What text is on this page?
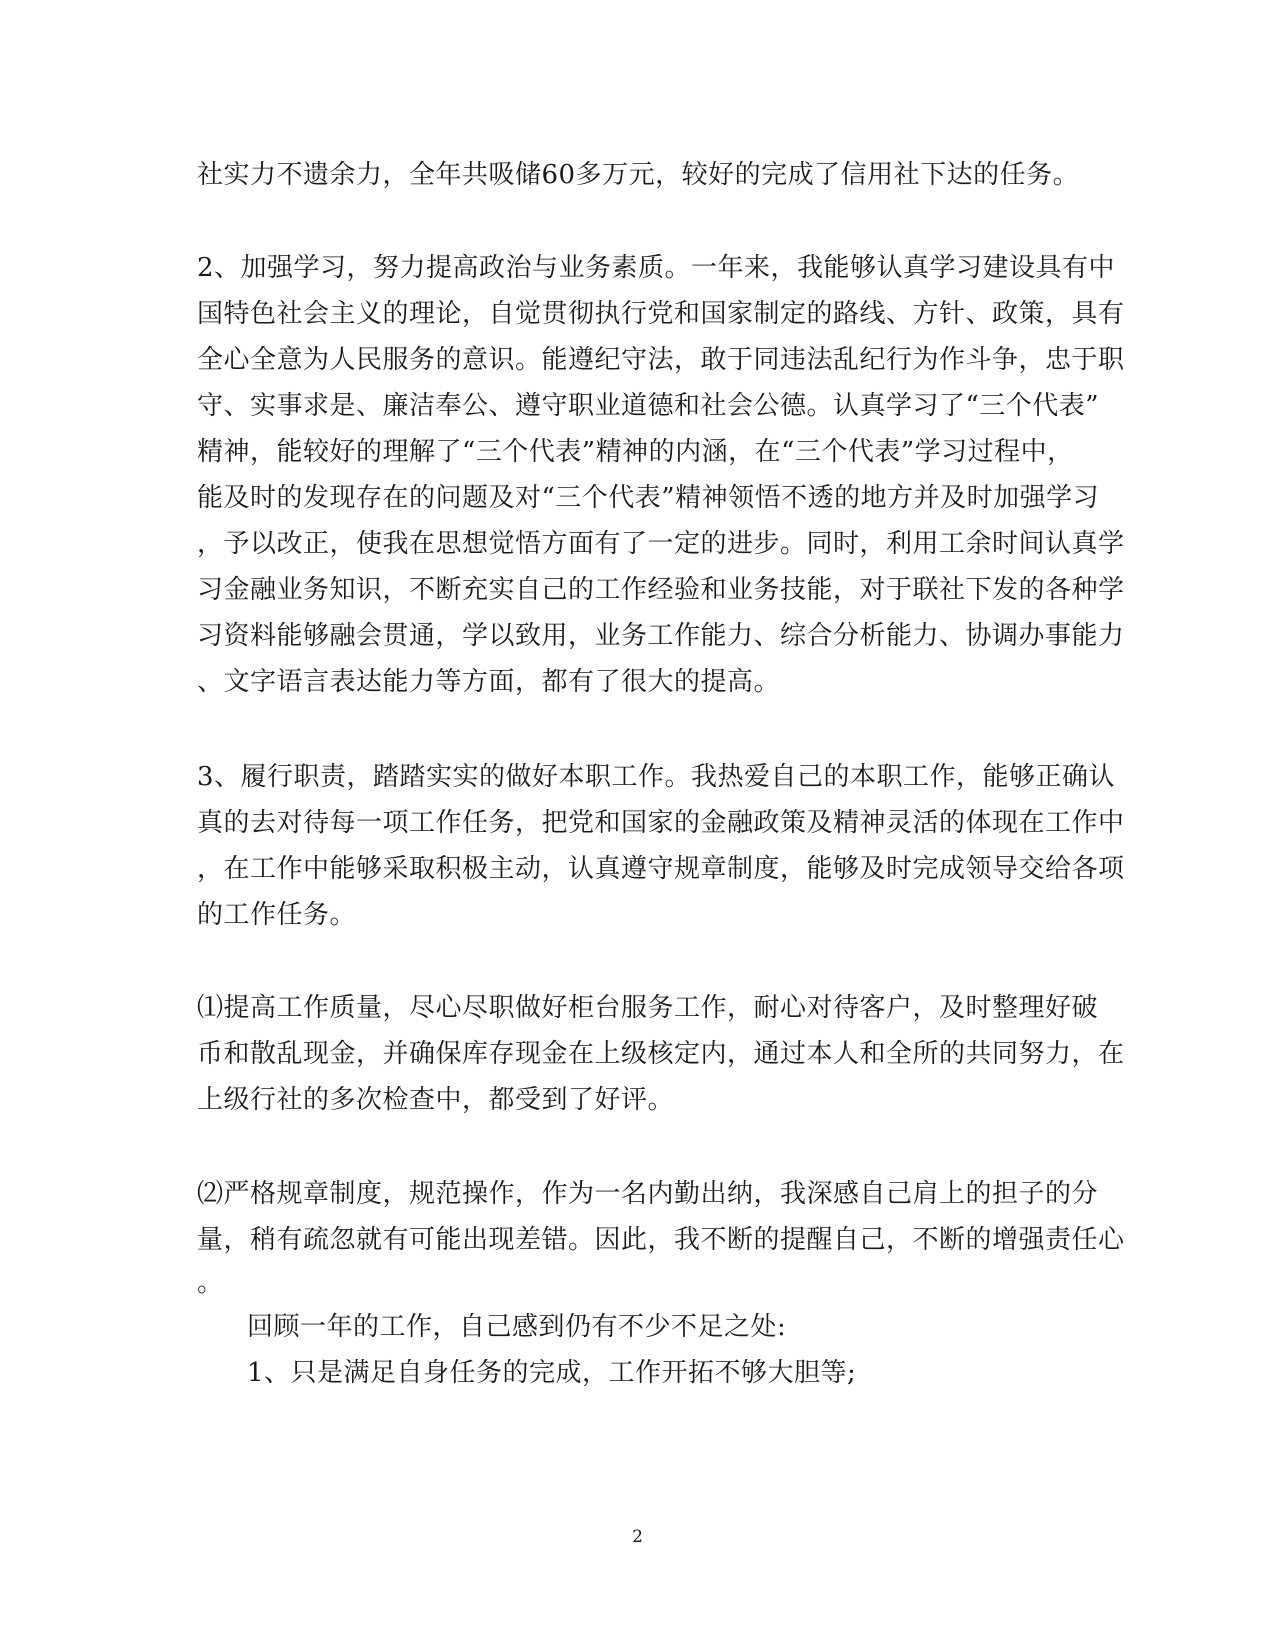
社实力不遗余力，全年共吸储60多万元，较好的完成了信用社下达的任务。
2、加强学习，努力提高政治与业务素质。一年来，我能够认真学习建设具有中
国特色社会主义的理论，自觉贯彻执行党和国家制定的路线、方针、政策，具有
全心全意为人民服务的意识。能遵纪守法，敢于同违法乱纪行为作斗争，忠于职
守、实事求是、廉洁奉公、遵守职业道德和社会公德。认真学习了“三个代表”
精神，能较好的理解了“三个代表”精神的内涵，在“三个代表”学习过程中，
能及时的发现存在的问题及对“三个代表”精神领悟不透的地方并及时加强学习
，予以改正，使我在思想觉悟方面有了一定的进步。同时，利用工余时间认真学
习金融业务知识，不断充实自己的工作经验和业务技能，对于联社下发的各种学
习资料能够融会贯通，学以致用，业务工作能力、综合分析能力、协调办事能力
、文字语言表达能力等方面，都有了很大的提高。
3、履行职责，踏踏实实的做好本职工作。我热爱自己的本职工作，能够正确认
真的去对待每一项工作任务，把党和国家的金融政策及精神灵活的体现在工作中
，在工作中能够采取积极主动，认真遵守规章制度，能够及时完成领导交给各项
的工作任务。
⑴提高工作质量，尽心尽职做好柜台服务工作，耐心对待客户，及时整理好破
币和散乱现金，并确保库存现金在上级核定内，通过本人和全所的共同努力，在
上级行社的多次检查中，都受到了好评。
⑵严格规章制度，规范操作，作为一名内勤出纳，我深感自己肩上的担子的分
量，稍有疏忽就有可能出现差错。因此，我不断的提醒自己，不断的增强责任心
。
回顾一年的工作，自己感到仍有不少不足之处:
1、只是满足自身任务的完成，工作开拓不够大胆等;
2
